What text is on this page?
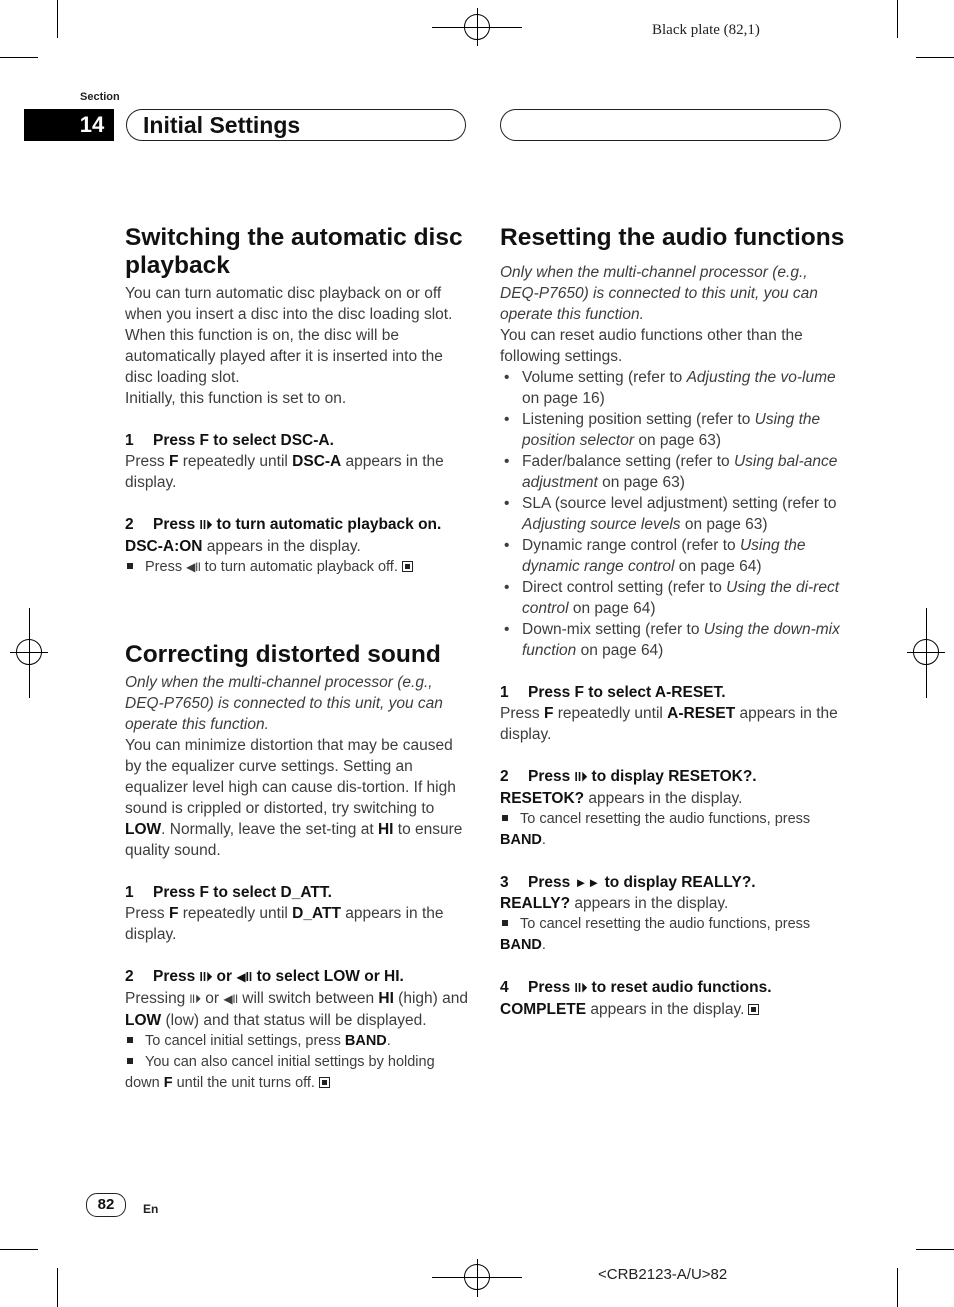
Black plate (82,1)
Section
14	Initial Settings
Switching the automatic disc playback

You can turn automatic disc playback on or off when you insert a disc into the disc loading slot. When this function is on, the disc will be automatically played after it is inserted into the disc loading slot.
Initially, this function is set to on.

1 Press F to select DSC-A.

Press F repeatedly until DSC-A appears in the display.

2 Press ll⏵ to turn automatic playback on.

DSC-A:ON appears in the display.

Press ◀ll to turn automatic playback off.

Correcting distorted sound

Only when the multi-channel processor (e.g., DEQ-P7650) is connected to this unit, you can operate this function.

You can minimize distortion that may be caused by the equalizer curve settings. Setting an equalizer level high can cause dis-tortion. If high sound is crippled or distorted, try switching to LOW. Normally, leave the set-ting at HI to ensure quality sound.

1 Press F to select D_ATT.

Press F repeatedly until D_ATT appears in the display.

2 Press ll⏵ or ◀ll to select LOW or HI.

Pressing ll⏵ or ◀ll will switch between HI (high) and LOW (low) and that status will be displayed.

To cancel initial settings, press BAND.

You can also cancel initial settings by holding down F until the unit turns off.

Resetting the audio functions

Only when the multi-channel processor (e.g., DEQ-P7650) is connected to this unit, you can operate this function.

You can reset audio functions other than the following settings.

• Volume setting (refer to Adjusting the vo-lume on page 16)
• Listening position setting (refer to Using the position selector on page 63)
• Fader/balance setting (refer to Using bal-ance adjustment on page 63)
• SLA (source level adjustment) setting (refer to Adjusting source levels on page 63)
• Dynamic range control (refer to Using the dynamic range control on page 64)
• Direct control setting (refer to Using the di-rect control on page 64)
• Down-mix setting (refer to Using the down-mix function on page 64)

1 Press F to select A-RESET.

Press F repeatedly until A-RESET appears in the display.

2 Press ll⏵ to display RESETOK?.

RESETOK? appears in the display.

To cancel resetting the audio functions, press BAND.

3 Press ►► to display REALLY?.

REALLY? appears in the display.

To cancel resetting the audio functions, press BAND.

4 Press ll⏵ to reset audio functions.

COMPLETE appears in the display.

82	En
<CRB2123-A/U>82
